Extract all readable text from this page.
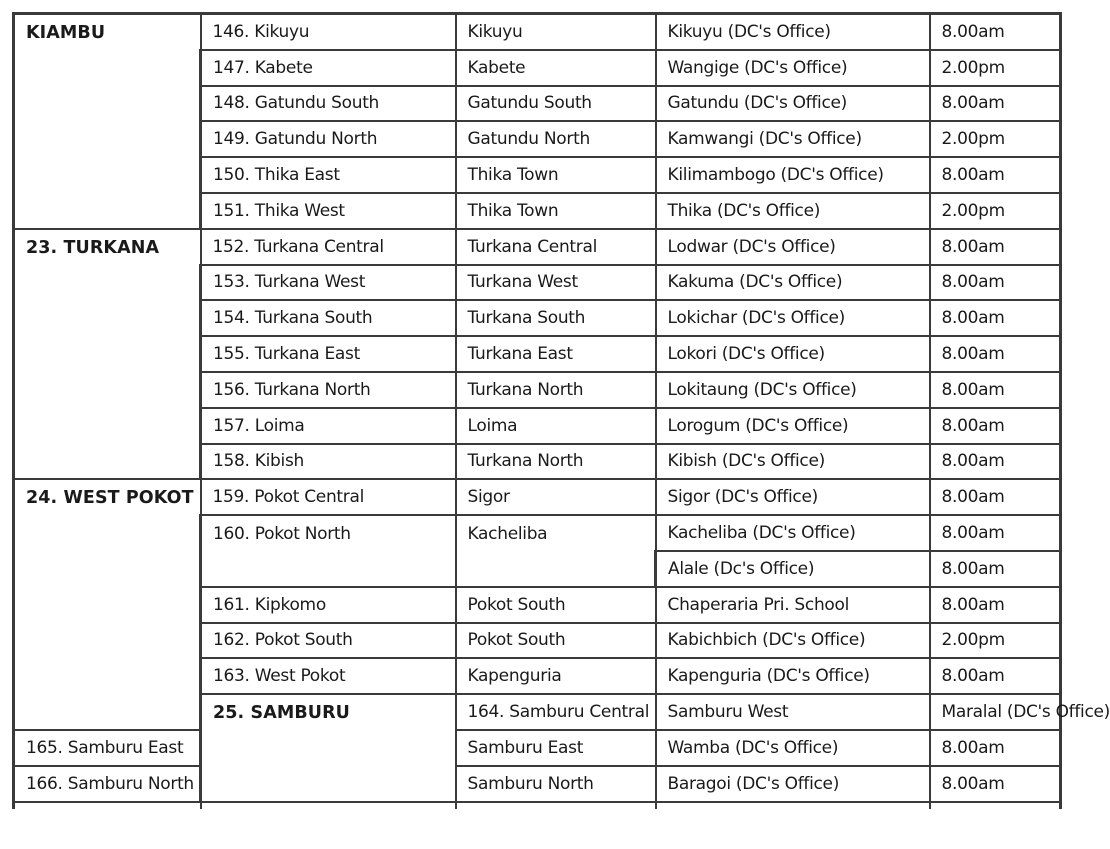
KIAMBU	146. Kikuyu	Kikuyu	Kikuyu (DC's Office)	8.00am	
	147. Kabete	Kabete	Wangige (DC's Office)	2.00pm	
	148. Gatundu South	Gatundu South	Gatundu (DC's Office)	8.00am	
	149. Gatundu North	Gatundu North	Kamwangi (DC's Office)	2.00pm	
	150. Thika East	Thika Town	Kilimambogo (DC's Office)	8.00am	
	151. Thika West	Thika Town	Thika (DC's Office)	2.00pm	
23. TURKANA	152. Turkana Central	Turkana Central	Lodwar (DC's Office)	8.00am	
	153. Turkana West	Turkana West	Kakuma (DC's Office)	8.00am	
	154. Turkana South	Turkana South	Lokichar (DC's Office)	8.00am	
	155. Turkana East	Turkana East	Lokori (DC's Office)	8.00am	
	156. Turkana North	Turkana North	Lokitaung (DC's Office)	8.00am	
	157. Loima	Loima	Lorogum (DC's Office)	8.00am	
	158. Kibish	Turkana North	Kibish (DC's Office)	8.00am	
24. WEST POKOT	159. Pokot Central	Sigor	Sigor (DC's Office)	8.00am	
	160. Pokot North	Kacheliba	Kacheliba (DC's Office)	8.00am	
			Alale (Dc's Office)	8.00am	
	161. Kipkomo	Pokot South	Chaperaria Pri. School	8.00am	
	162. Pokot South	Pokot South	Kabichbich (DC's Office)	2.00pm	
	163. West Pokot	Kapenguria	Kapenguria (DC's Office)	8.00am	
	25. SAMBURU	164. Samburu Central	Samburu West	Maralal (DC's Office)	
165. Samburu East		Samburu East	Wamba (DC's Office)	8.00am	
166. Samburu North		Samburu North	Baragoi (DC's Office)	8.00am	
